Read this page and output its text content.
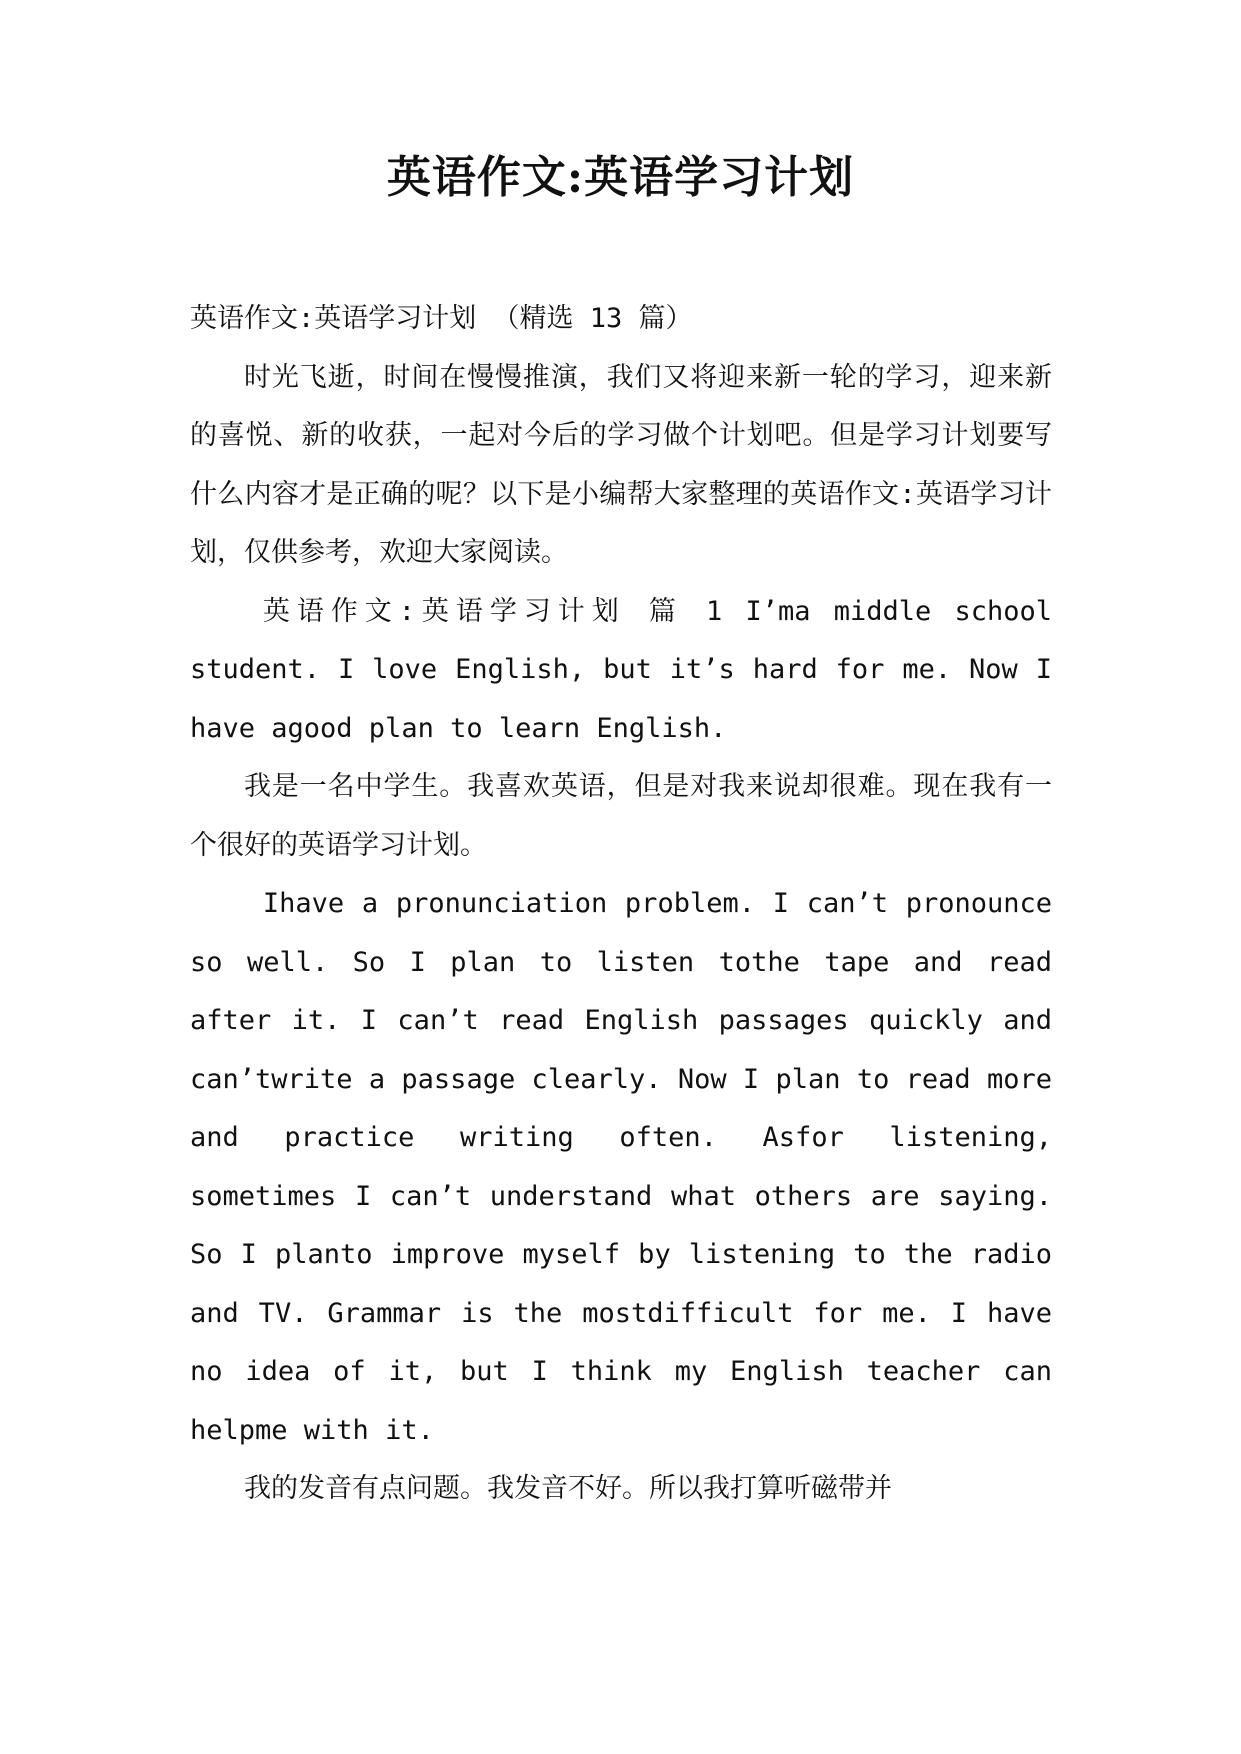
英语作文:英语学习计划

英语作文:英语学习计划 （精选 13 篇）

时光飞逝，时间在慢慢推演，我们又将迎来新一轮的学习，迎来新的喜悦、新的收获，一起对今后的学习做个计划吧。但是学习计划要写什么内容才是正确的呢？以下是小编帮大家整理的英语作文:英语学习计划，仅供参考，欢迎大家阅读。

英语作文:英语学习计划 篇 1 I’ma middle school student. I love English, but it’s hard for me. Now I have agood plan to learn English.

我是一名中学生。我喜欢英语，但是对我来说却很难。现在我有一个很好的英语学习计划。

Ihave a pronunciation problem. I can’t pronounce so well. So I plan to listen tothe tape and read after it. I can’t read English passages quickly and can’twrite a passage clearly. Now I plan to read more and practice writing often. Asfor listening, sometimes I can’t understand what others are saying. So I planto improve myself by listening to the radio and TV. Grammar is the mostdifficult for me. I have no idea of it, but I think my English teacher can helpme with it.

我的发音有点问题。我发音不好。所以我打算听磁带并
